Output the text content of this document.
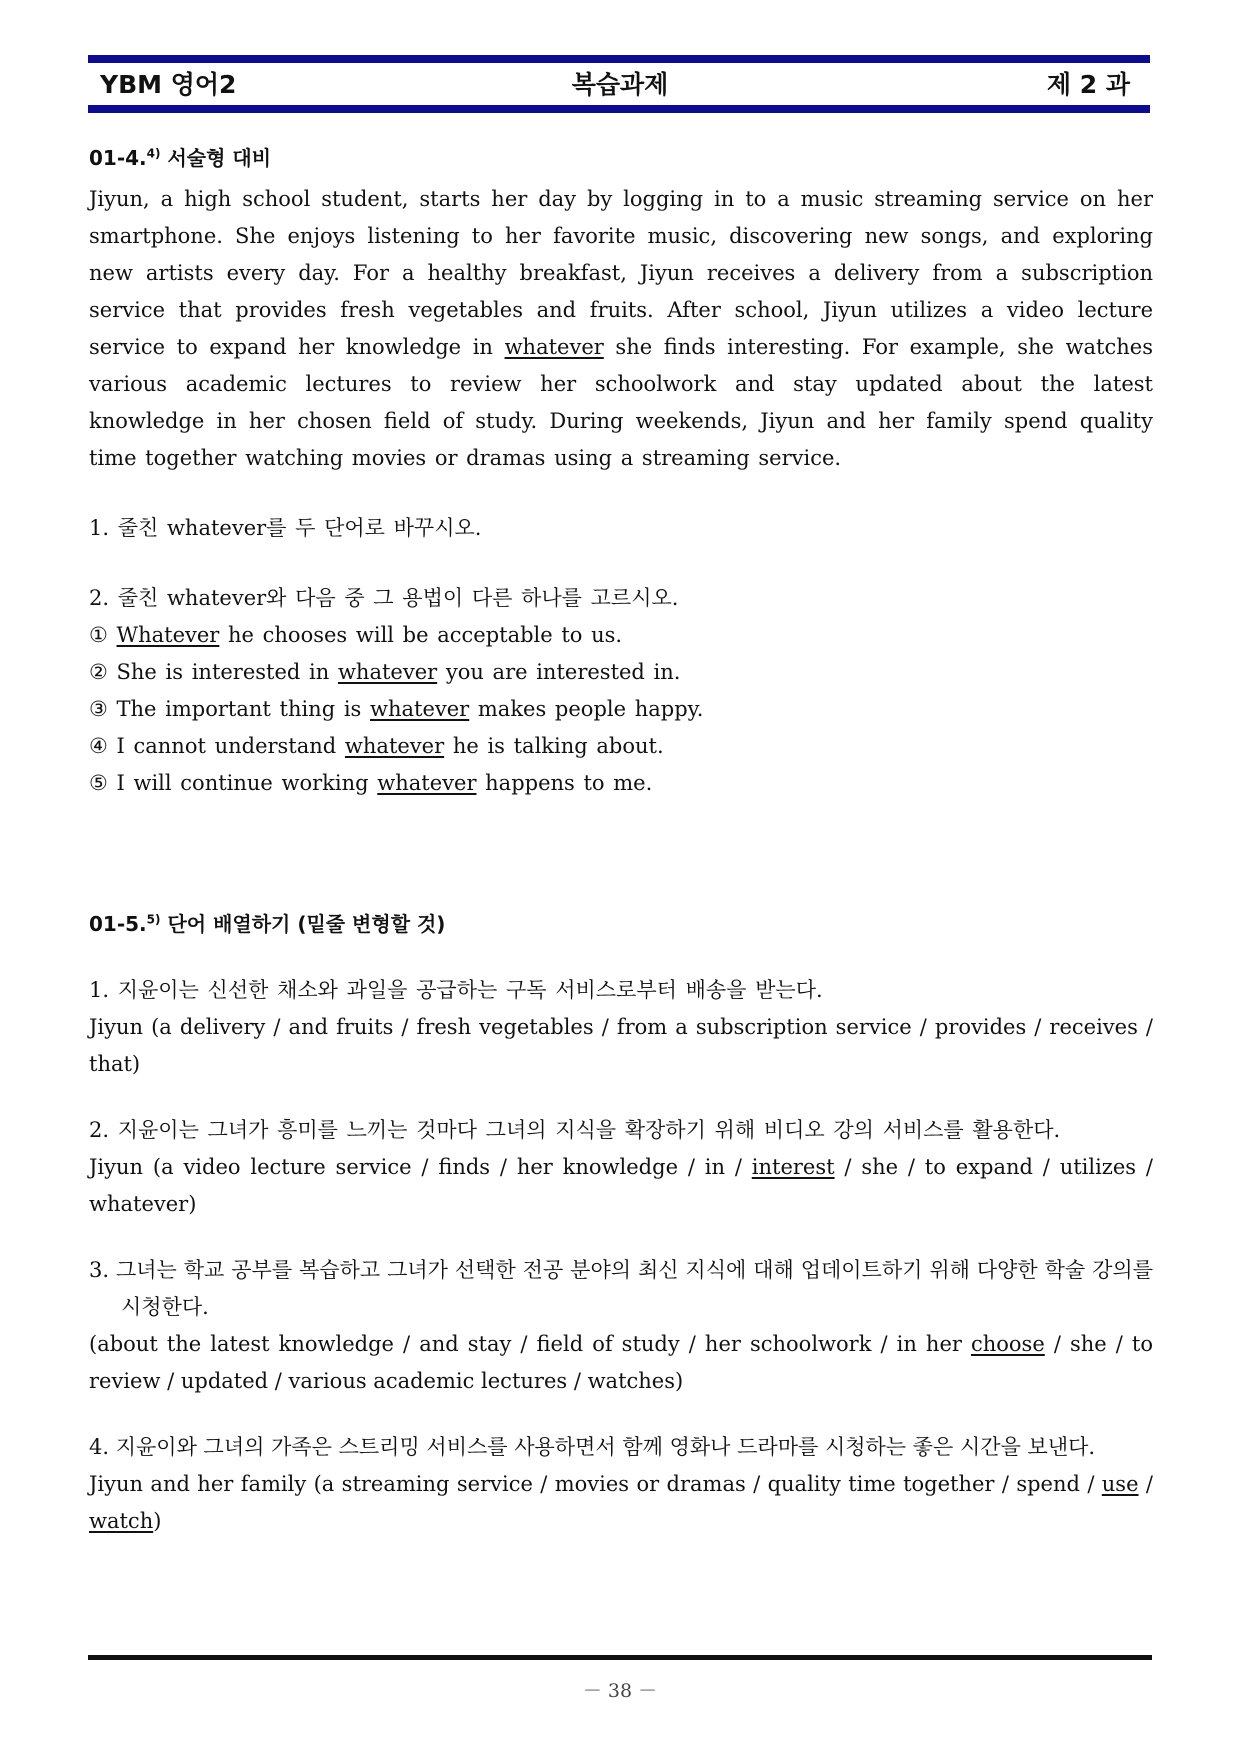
YBM 영어2	복습과제	제 2 과

01-4.$^{4)}$ 서술형 대비

Jiyun, a high school student, starts her day by logging in to a music streaming service on her smartphone. She enjoys listening to her favorite music, discovering new songs, and exploring new artists every day. For a healthy breakfast, Jiyun receives a delivery from a subscription service that provides fresh vegetables and fruits. After school, Jiyun utilizes a video lecture service to expand her knowledge in whatever she finds interesting. For example, she watches various academic lectures to review her schoolwork and stay updated about the latest knowledge in her chosen field of study. During weekends, Jiyun and her family spend quality time together watching movies or dramas using a streaming service.

1. 줄친 whatever를 두 단어로 바꾸시오.

2. 줄친 whatever와 다음 중 그 용법이 다른 하나를 고르시오.

① Whatever he chooses will be acceptable to us.

② She is interested in whatever you are interested in.

③ The important thing is whatever makes people happy.

④ I cannot understand whatever he is talking about.

⑤ I will continue working whatever happens to me.

01-5.$^{5)}$ 단어 배열하기 (밑줄 변형할 것)

1. 지윤이는 신선한 채소와 과일을 공급하는 구독 서비스로부터 배송을 받는다.

Jiyun (a delivery / and fruits / fresh vegetables / from a subscription service / provides / receives / that)

2. 지윤이는 그녀가 흥미를 느끼는 것마다 그녀의 지식을 확장하기 위해 비디오 강의 서비스를 활용한다.

Jiyun (a video lecture service / finds / her knowledge / in / interest / she / to expand / utilizes / whatever)

3. 그녀는 학교 공부를 복습하고 그녀가 선택한 전공 분야의 최신 지식에 대해 업데이트하기 위해 다양한 학술 강의를 시청한다.

(about the latest knowledge / and stay / field of study / her schoolwork / in her choose / she / to review / updated / various academic lectures / watches)

4. 지윤이와 그녀의 가족은 스트리밍 서비스를 사용하면서 함께 영화나 드라마를 시청하는 좋은 시간을 보낸다.

Jiyun and her family (a streaming service / movies or dramas / quality time together / spend / use / watch)

－ 38 －
